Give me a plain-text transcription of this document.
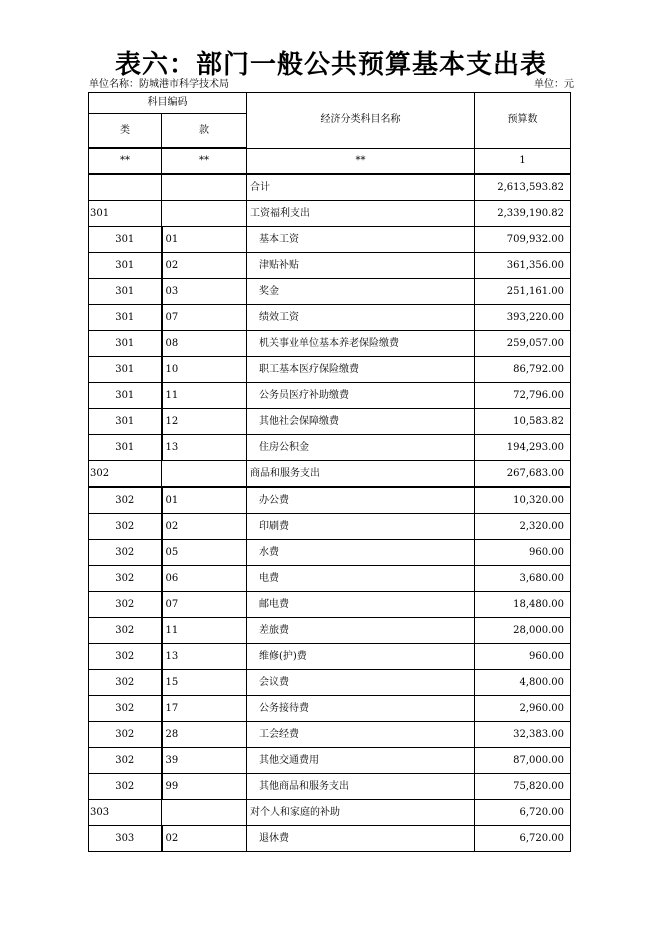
表六：部门一般公共预算基本支出表
单位名称：防城港市科学技术局	单位：元
科目编码		经济分类科目名称	预算数
类	款		
**	**	**	1
		合计	2,613,593.82
301		工资福利支出	2,339,190.82
301	01	基本工资	709,932.00
301	02	津贴补贴	361,356.00
301	03	奖金	251,161.00
301	07	绩效工资	393,220.00
301	08	机关事业单位基本养老保险缴费	259,057.00
301	10	职工基本医疗保险缴费	86,792.00
301	11	公务员医疗补助缴费	72,796.00
301	12	其他社会保障缴费	10,583.82
301	13	住房公积金	194,293.00
302		商品和服务支出	267,683.00
302	01	办公费	10,320.00
302	02	印刷费	2,320.00
302	05	水费	960.00
302	06	电费	3,680.00
302	07	邮电费	18,480.00
302	11	差旅费	28,000.00
302	13	维修(护)费	960.00
302	15	会议费	4,800.00
302	17	公务接待费	2,960.00
302	28	工会经费	32,383.00
302	39	其他交通费用	87,000.00
302	99	其他商品和服务支出	75,820.00
303		对个人和家庭的补助	6,720.00
303	02	退休费	6,720.00
